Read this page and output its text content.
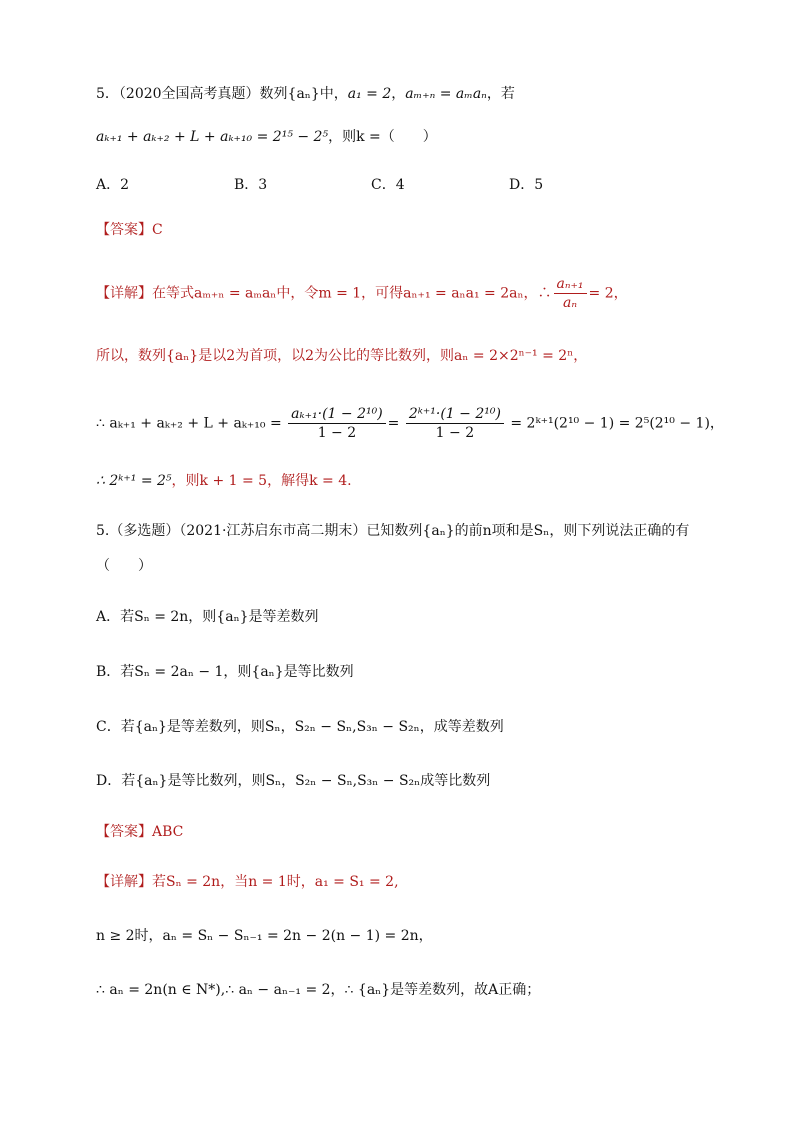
5．（2020全国高考真题）数列{aₙ}中，a₁ = 2，aₘ₊ₙ = aₘaₙ，若
aₖ₊₁ + aₖ₊₂ + L + aₖ₊₁₀ = 2¹⁵ − 2⁵，则k =（　　）
A．2	B．3	C．4	D．5
【答案】C
【详解】在等式aₘ₊ₙ = aₘaₙ中，令m = 1，可得aₙ₊₁ = aₙa₁ = 2aₙ，∴ $\frac{\text{aₙ₊₁}}{\text{aₙ}} = 2$，
所以，数列{aₙ}是以2为首项，以2为公比的等比数列，则aₙ = 2×2ⁿ⁻¹ = 2ⁿ，
∴ $a_{k+1} + a_{k+2} + L + a_{k+10} = \frac{\text{aₖ₊₁·(1 − 2¹⁰)}}{1 - 2} = \frac{\text{2ᵏ⁺¹·(1 − 2¹⁰)}}{1 - 2}$ = 2ᵏ⁺¹(2¹⁰ − 1) = 2⁵(2¹⁰ − 1)，
∴ 2ᵏ⁺¹ = 2⁵，则k + 1 = 5，解得k = 4.
5.（多选题）（2021·江苏启东市高二期末）已知数列{aₙ}的前n项和是Sₙ，则下列说法正确的有
（　　）
A．若Sₙ = 2n，则{aₙ}是等差数列
B．若Sₙ = 2aₙ − 1，则{aₙ}是等比数列
C．若{aₙ}是等差数列，则Sₙ，S₂ₙ − Sₙ,S₃ₙ − S₂ₙ，成等差数列
D．若{aₙ}是等比数列，则Sₙ，S₂ₙ − Sₙ,S₃ₙ − S₂ₙ成等比数列
【答案】ABC
【详解】若Sₙ = 2n，当n = 1时，a₁ = S₁ = 2,
n ≥ 2时，aₙ = Sₙ − Sₙ₋₁ = 2n − 2(n − 1) = 2n，
∴ aₙ = 2n(n ∈ N*),∴ aₙ − aₙ₋₁ = 2，∴ {aₙ}是等差数列，故A正确；
